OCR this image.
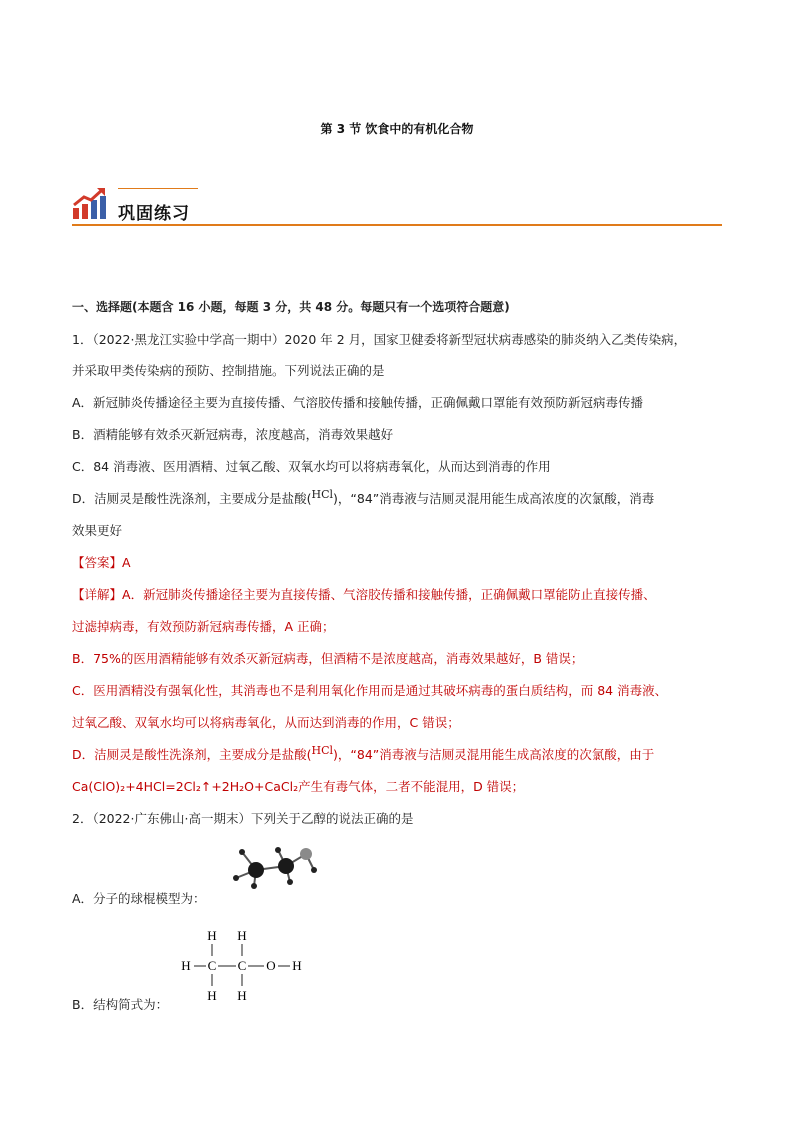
第 3 节 饮食中的有机化合物
巩固练习
一、选择题(本题含 16 小题，每题 3 分，共 48 分。每题只有一个选项符合题意)
1．（2022·黑龙江实验中学高一期中）2020 年 2 月，国家卫健委将新型冠状病毒感染的肺炎纳入乙类传染病，
并采取甲类传染病的预防、控制措施。下列说法正确的是
A．新冠肺炎传播途径主要为直接传播、气溶胶传播和接触传播，正确佩戴口罩能有效预防新冠病毒传播
B．酒精能够有效杀灭新冠病毒，浓度越高，消毒效果越好
C．84 消毒液、医用酒精、过氧乙酸、双氧水均可以将病毒氧化，从而达到消毒的作用
D．洁厕灵是酸性洗涤剂，主要成分是盐酸(HCl)，“84”消毒液与洁厕灵混用能生成高浓度的次氯酸，消毒
效果更好
【答案】A
【详解】A．新冠肺炎传播途径主要为直接传播、气溶胶传播和接触传播，正确佩戴口罩能防止直接传播、
过滤掉病毒，有效预防新冠病毒传播，A 正确；
B．75%的医用酒精能够有效杀灭新冠病毒，但酒精不是浓度越高，消毒效果越好，B 错误；
C．医用酒精没有强氧化性，其消毒也不是利用氧化作用而是通过其破坏病毒的蛋白质结构，而 84 消毒液、
过氧乙酸、双氧水均可以将病毒氧化，从而达到消毒的作用，C 错误；
D．洁厕灵是酸性洗涤剂，主要成分是盐酸(HCl)，“84”消毒液与洁厕灵混用能生成高浓度的次氯酸，由于
Ca(ClO)₂+4HCl=2Cl₂↑+2H₂O+CaCl₂产生有毒气体，二者不能混用，D 错误；
2．（2022·广东佛山·高一期末）下列关于乙醇的说法正确的是
A．分子的球棍模型为：
H H
H C C O H
H H
B．结构简式为：
